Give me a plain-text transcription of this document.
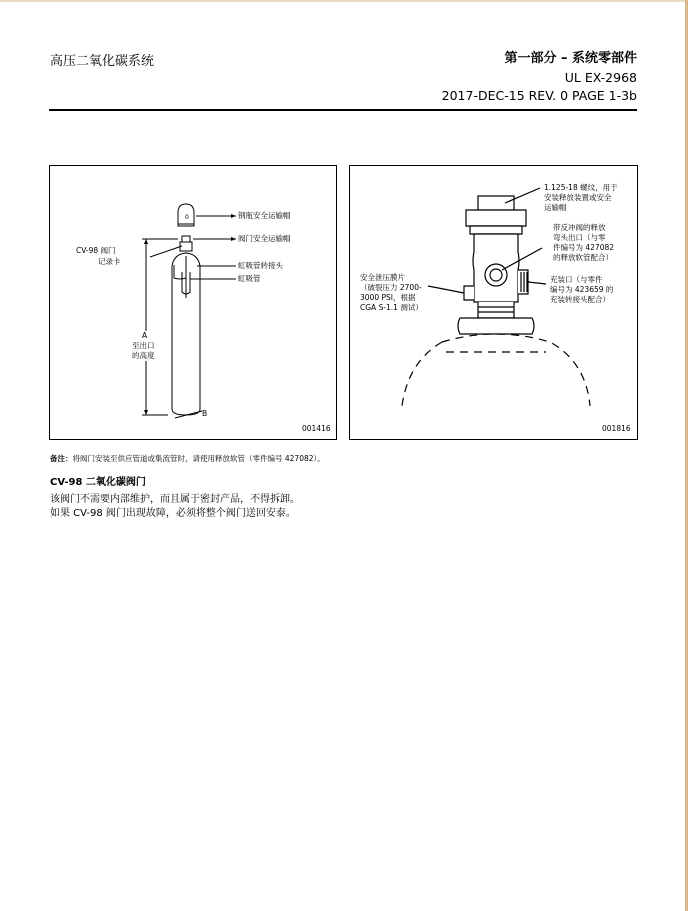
高压二氧化碳系统	第一部分 – 系统零部件
UL EX-2968
2017-DEC-15 REV. 0 PAGE 1-3b
0	钢瓶安全运输帽
阀门安全运输帽
CV-98 阀门
记录卡	虹吸管转接头
虹吸管
A
至出口
的高度
B
001416
1.125-18 螺纹，用于
安装释放装置或安全
运输帽
带反冲阀的释放
弯头出口（与零
件编号为 427082
的释放软管配合）
充装口（与零件
编号为 423659 的
充装转接头配合）
安全泄压膜片
（破裂压力 2700-
3000 PSI，根据
CGA S-1.1 测试）
001816
备注：将阀门安装至供应管道或集流管时，请使用释放软管（零件编号 427082）。
CV-98 二氧化碳阀门
该阀门不需要内部维护，而且属于密封产品，不得拆卸。
如果 CV-98 阀门出现故障，必须将整个阀门送回安泰。
